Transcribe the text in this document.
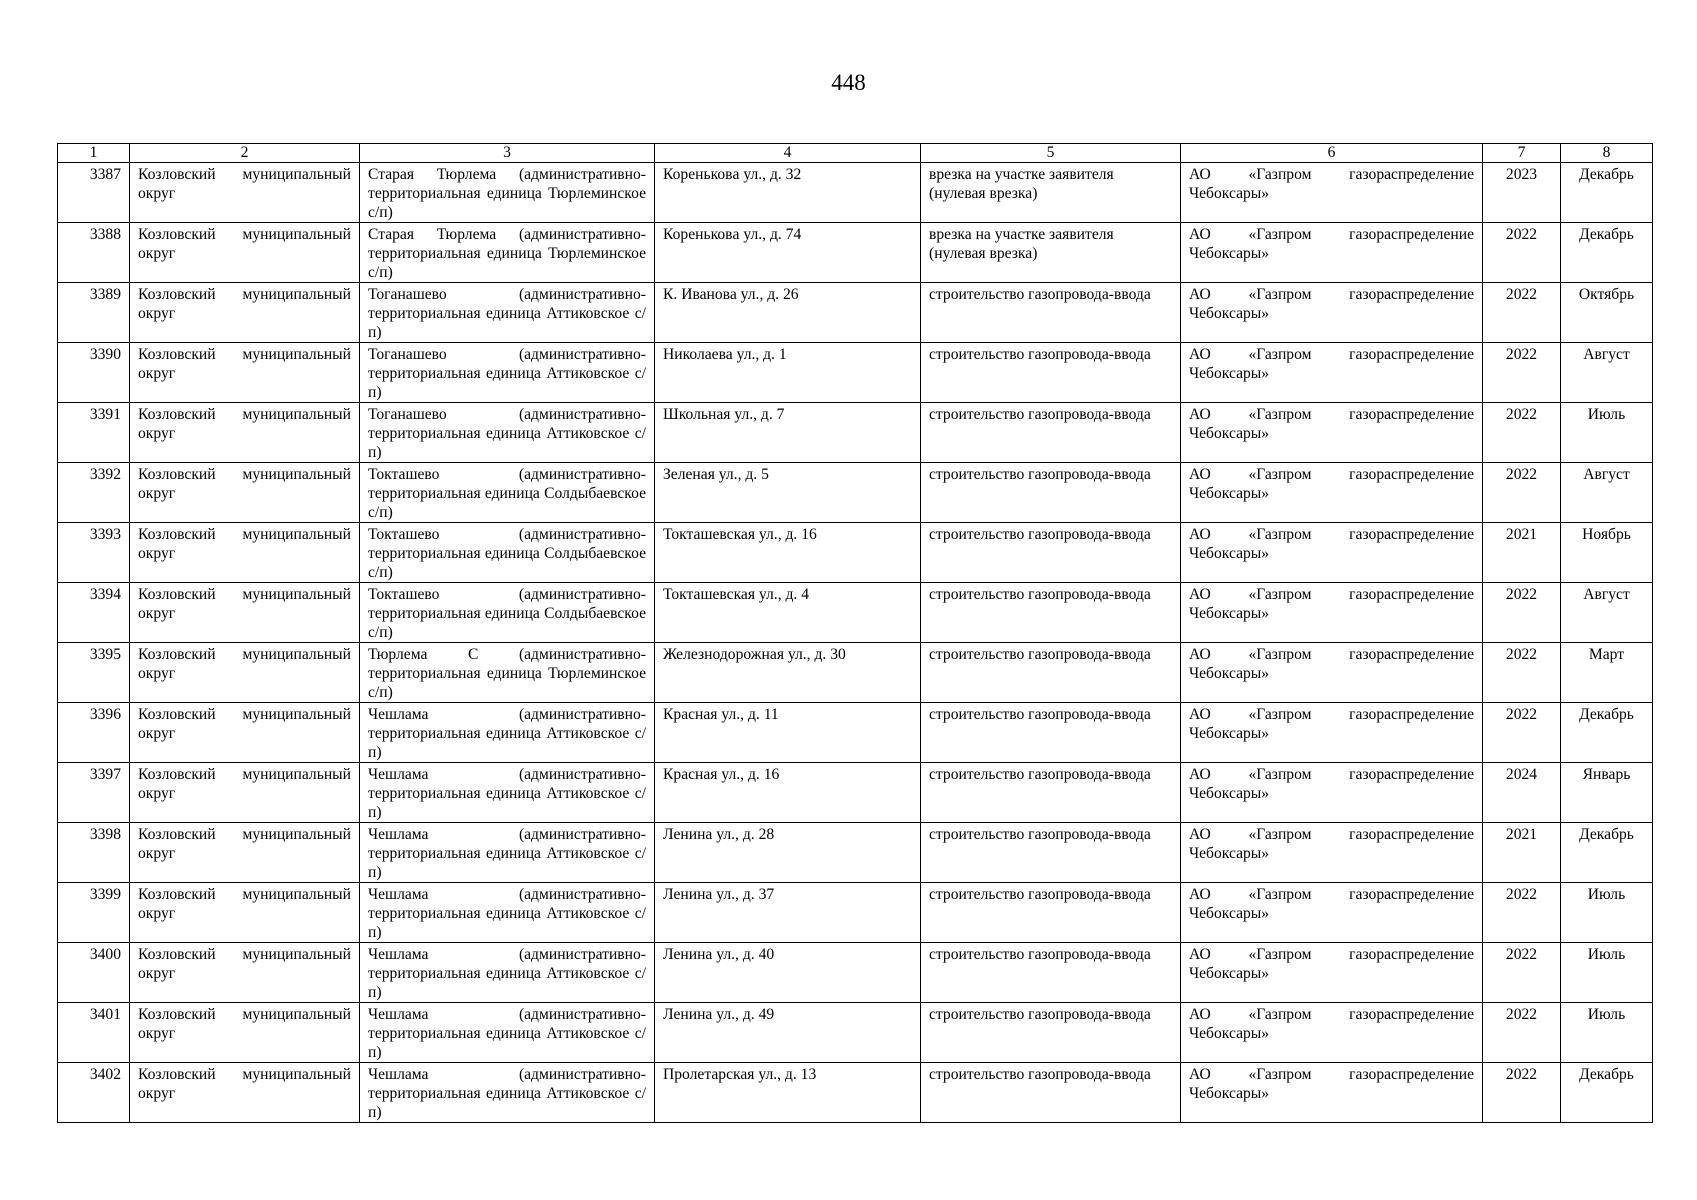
448
1	2	3	4	5	6	7	8
3387	Козловский муниципальный округ	Старая Тюрлема (административно-территориальная единица Тюрлеминское с/п)	Кореньковa ул., д. 32	врезка на участке заявителя (нулевая врезка)	АО «Газпром газораспределение Чебоксары»	2023	Декабрь
3388	Козловский муниципальный округ	Старая Тюрлема (административно-территориальная единица Тюрлеминское с/п)	Кореньковa ул., д. 74	врезка на участке заявителя (нулевая врезка)	АО «Газпром газораспределение Чебоксары»	2022	Декабрь
3389	Козловский муниципальный округ	Тоганашево (административно-территориальная единица Аттиковское с/п)	К. Иванова ул., д. 26	строительство газопровода-ввода	АО «Газпром газораспределение Чебоксары»	2022	Октябрь
3390	Козловский муниципальный округ	Тоганашево (административно-территориальная единица Аттиковское с/п)	Николаева ул., д. 1	строительство газопровода-ввода	АО «Газпром газораспределение Чебоксары»	2022	Август
3391	Козловский муниципальный округ	Тоганашево (административно-территориальная единица Аттиковское с/п)	Школьная ул., д. 7	строительство газопровода-ввода	АО «Газпром газораспределение Чебоксары»	2022	Июль
3392	Козловский муниципальный округ	Токташево (административно-территориальная единица Солдыбаевское с/п)	Зеленая ул., д. 5	строительство газопровода-ввода	АО «Газпром газораспределение Чебоксары»	2022	Август
3393	Козловский муниципальный округ	Токташево (административно-территориальная единица Солдыбаевское с/п)	Токташевская ул., д. 16	строительство газопровода-ввода	АО «Газпром газораспределение Чебоксары»	2021	Ноябрь
3394	Козловский муниципальный округ	Токташево (административно-территориальная единица Солдыбаевское с/п)	Токташевская ул., д. 4	строительство газопровода-ввода	АО «Газпром газораспределение Чебоксары»	2022	Август
3395	Козловский муниципальный округ	Тюрлема С (административно-территориальная единица Тюрлеминское с/п)	Железнодорожная ул., д. 30	строительство газопровода-ввода	АО «Газпром газораспределение Чебоксары»	2022	Март
3396	Козловский муниципальный округ	Чешлама (административно-территориальная единица Аттиковское с/п)	Красная ул., д. 11	строительство газопровода-ввода	АО «Газпром газораспределение Чебоксары»	2022	Декабрь
3397	Козловский муниципальный округ	Чешлама (административно-территориальная единица Аттиковское с/п)	Красная ул., д. 16	строительство газопровода-ввода	АО «Газпром газораспределение Чебоксары»	2024	Январь
3398	Козловский муниципальный округ	Чешлама (административно-территориальная единица Аттиковское с/п)	Ленина ул., д. 28	строительство газопровода-ввода	АО «Газпром газораспределение Чебоксары»	2021	Декабрь
3399	Козловский муниципальный округ	Чешлама (административно-территориальная единица Аттиковское с/п)	Ленина ул., д. 37	строительство газопровода-ввода	АО «Газпром газораспределение Чебоксары»	2022	Июль
3400	Козловский муниципальный округ	Чешлама (административно-территориальная единица Аттиковское с/п)	Ленина ул., д. 40	строительство газопровода-ввода	АО «Газпром газораспределение Чебоксары»	2022	Июль
3401	Козловский муниципальный округ	Чешлама (административно-территориальная единица Аттиковское с/п)	Ленина ул., д. 49	строительство газопровода-ввода	АО «Газпром газораспределение Чебоксары»	2022	Июль
3402	Козловский муниципальный округ	Чешлама (административно-территориальная единица Аттиковское с/п)	Пролетарская ул., д. 13	строительство газопровода-ввода	АО «Газпром газораспределение Чебоксары»	2022	Декабрь
